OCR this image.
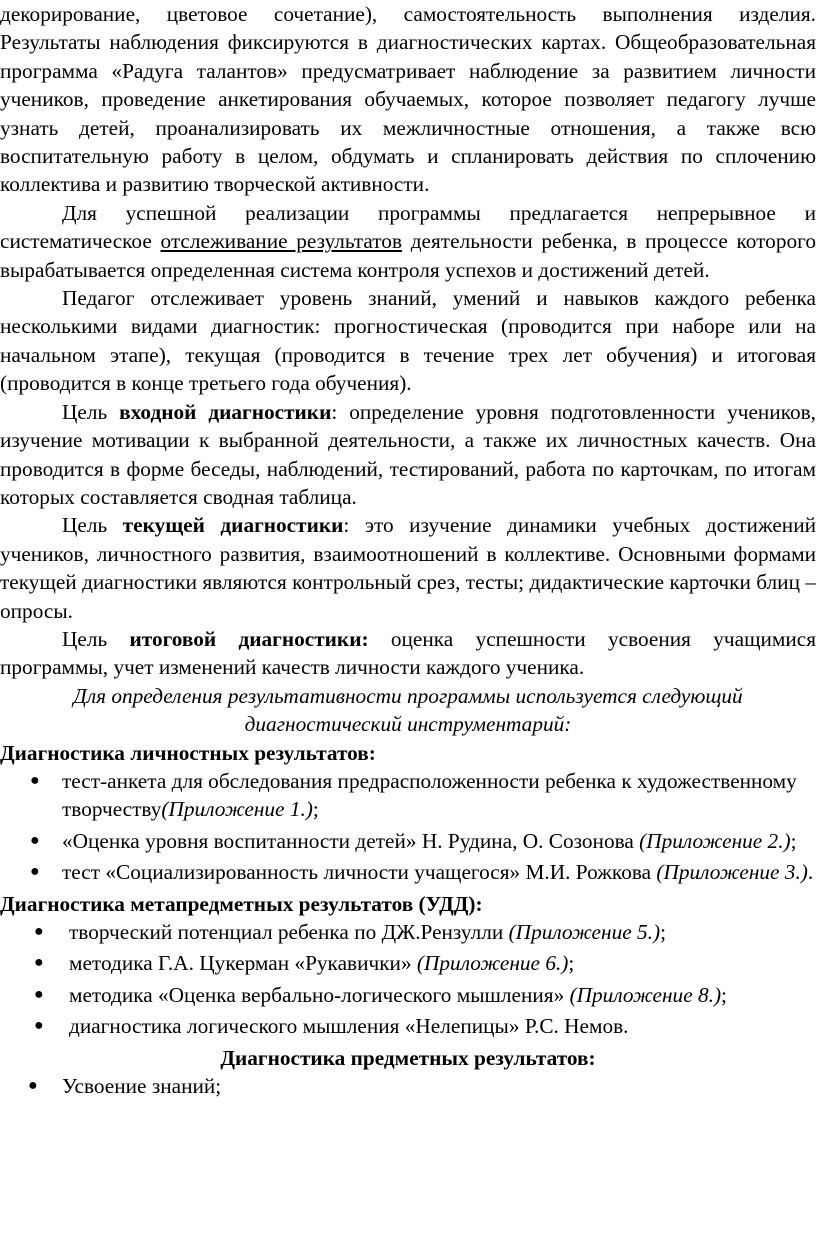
декорирование, цветовое сочетание), самостоятельность выполнения изделия. Результаты наблюдения фиксируются в диагностических картах. Общеобразовательная программа «Радуга талантов» предусматривает наблюдение за развитием личности учеников, проведение анкетирования обучаемых, которое позволяет педагогу лучше узнать детей, проанализировать их межличностные отношения, а также всю воспитательную работу в целом, обдумать и спланировать действия по сплочению коллектива и развитию творческой активности.

Для успешной реализации программы предлагается непрерывное и систематическое отслеживание результатов деятельности ребенка, в процессе которого вырабатывается определенная система контроля успехов и достижений детей.

Педагог отслеживает уровень знаний, умений и навыков каждого ребенка несколькими видами диагностик: прогностическая (проводится при наборе или на начальном этапе), текущая (проводится в течение трех лет обучения) и итоговая (проводится в конце третьего года обучения).

Цель входной диагностики: определение уровня подготовленности учеников, изучение мотивации к выбранной деятельности, а также их личностных качеств. Она проводится в форме беседы, наблюдений, тестирований, работа по карточкам, по итогам которых составляется сводная таблица.

Цель текущей диагностики: это изучение динамики учебных достижений учеников, личностного развития, взаимоотношений в коллективе. Основными формами текущей диагностики являются контрольный срез, тесты; дидактические карточки блиц – опросы.

Цель итоговой диагностики: оценка успешности усвоения учащимися программы, учет изменений качеств личности каждого ученика.

Для определения результативности программы используется следующий диагностический инструментарий:

Диагностика личностных результатов:

● тест-анкета для обследования предрасположенности ребенка к художественному творчеству(Приложение 1.);
● «Оценка уровня воспитанности детей» Н. Рудина, О. Созонова (Приложение 2.);
● тест «Социализированность личности учащегося» М.И. Рожкова (Приложение 3.).

Диагностика метапредметных результатов (УДД):

● творческий потенциал ребенка по ДЖ.Рензулли (Приложение 5.);
● методика Г.А. Цукерман «Рукавички» (Приложение 6.);
● методика «Оценка вербально-логического мышления» (Приложение 8.);
● диагностика логического мышления «Нелепицы» Р.С. Немов.

Диагностика предметных результатов:

● Усвоение знаний;
